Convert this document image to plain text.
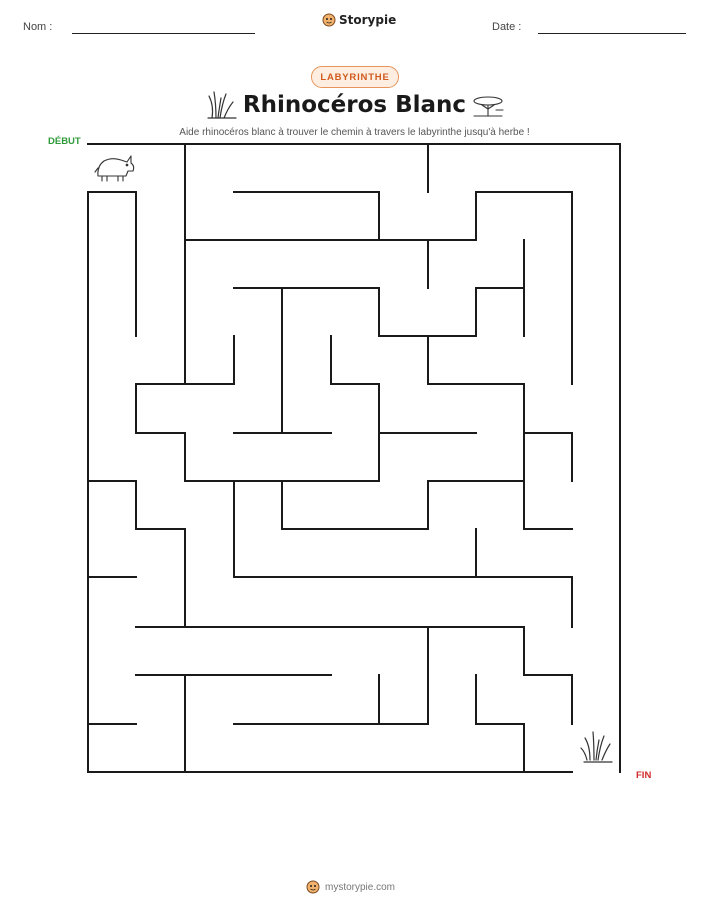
Nom :	Storypie	Date :
LABYRINTHE
Rhinocéros Blanc
Aide rhinocéros blanc à trouver le chemin à travers le labyrinthe jusqu'à herbe !
DÉBUT
FIN
mystorypie.com
